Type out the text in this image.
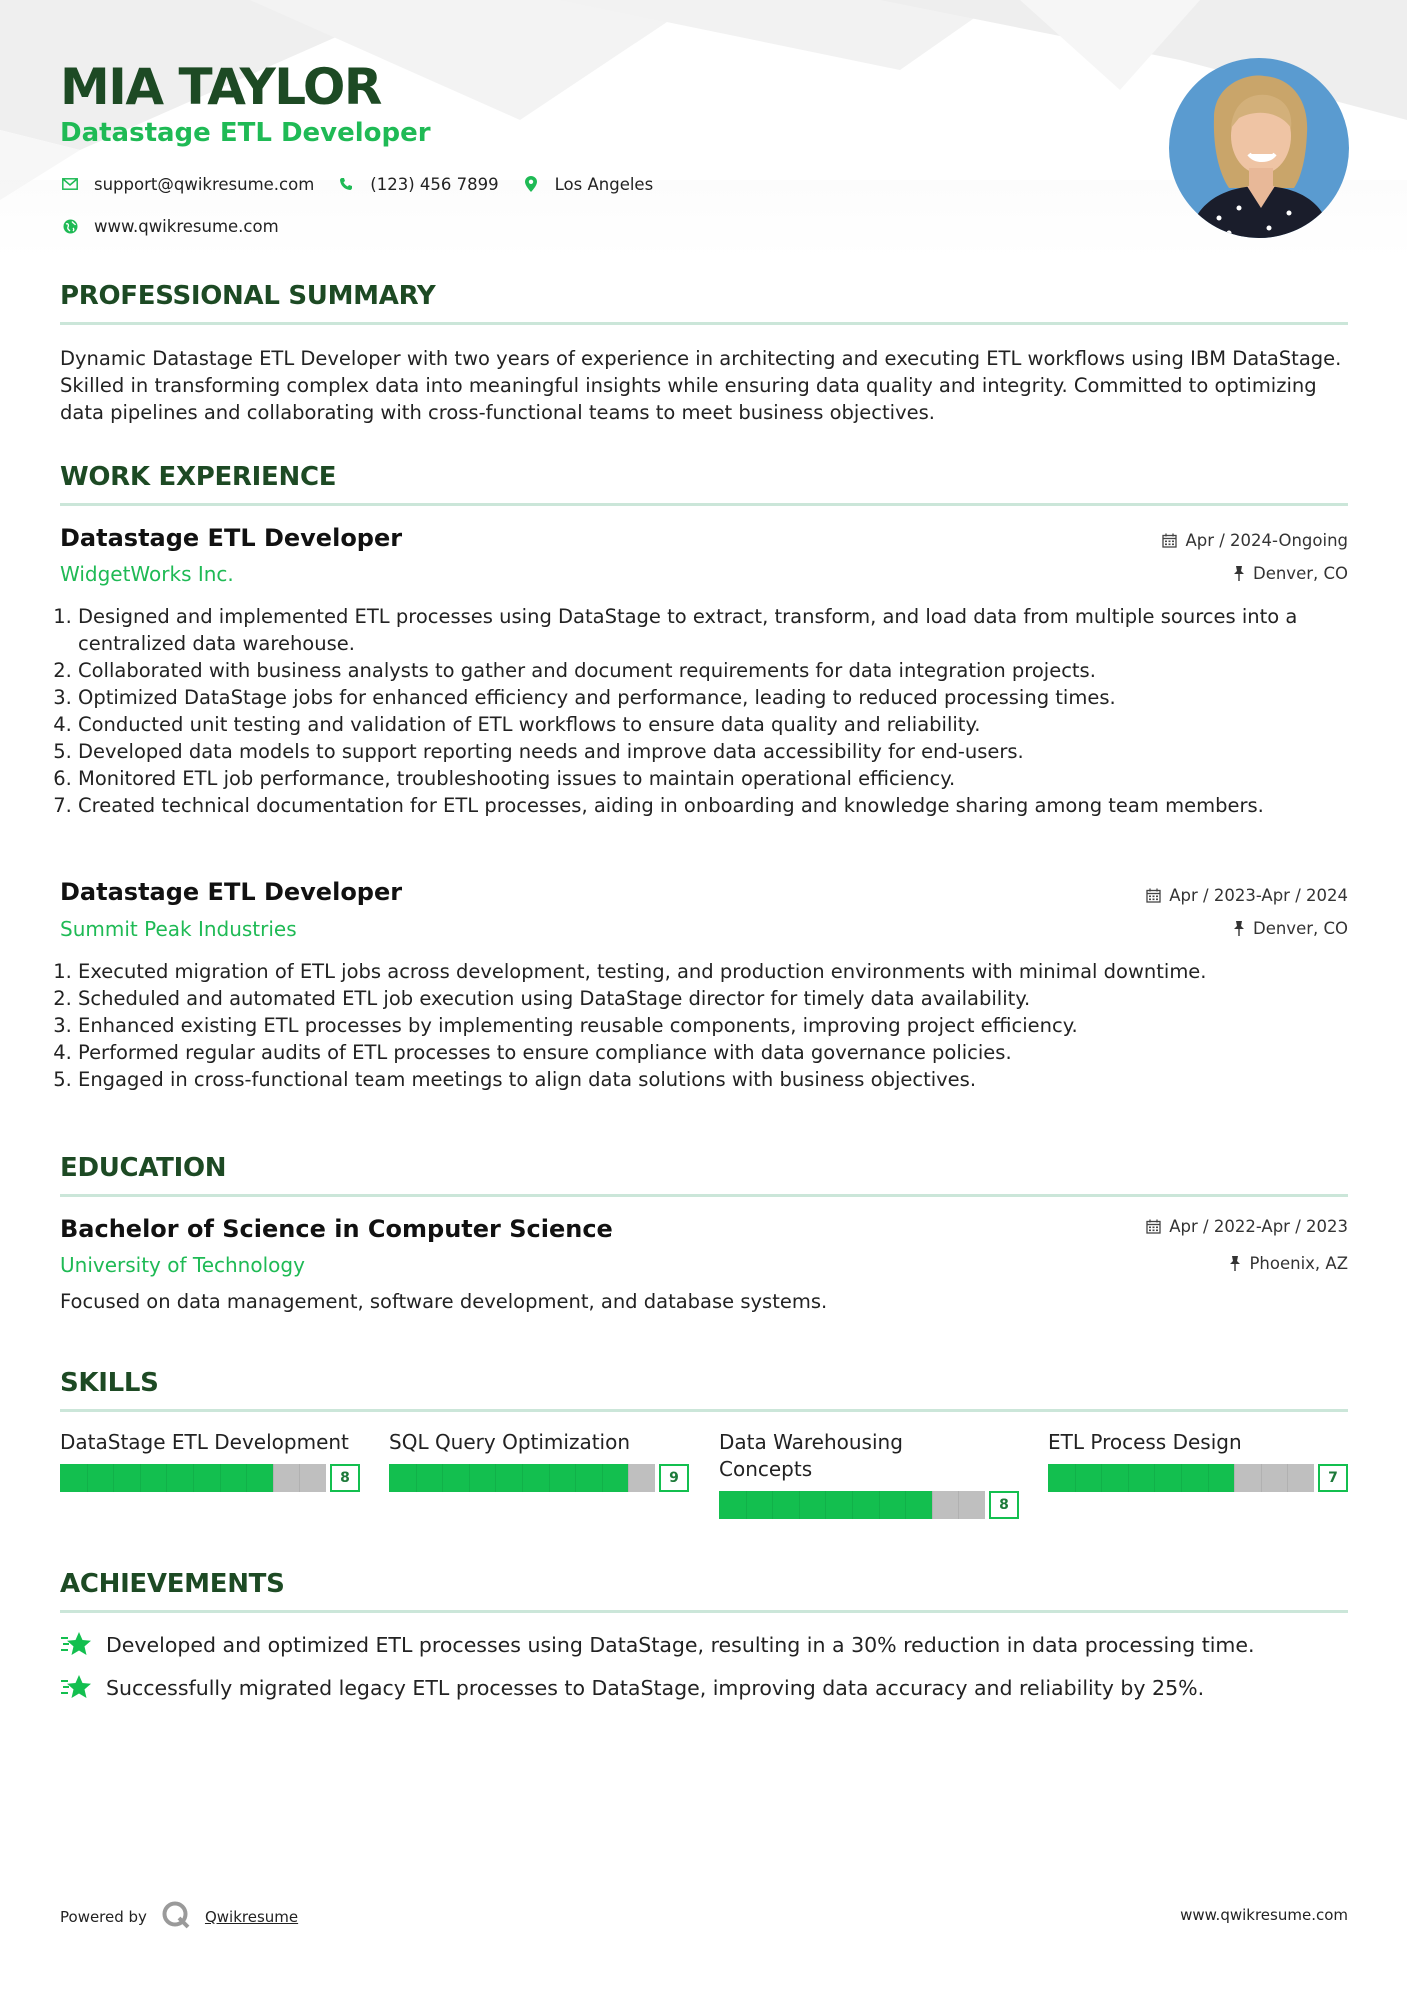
MIA TAYLOR
Datastage ETL Developer
support@qwikresume.com	(123) 456 7899	Los Angeles
www.qwikresume.com
PROFESSIONAL SUMMARY

Dynamic Datastage ETL Developer with two years of experience in architecting and executing ETL workflows using IBM DataStage. Skilled in transforming complex data into meaningful insights while ensuring data quality and integrity. Committed to optimizing data pipelines and collaborating with cross-functional teams to meet business objectives.

WORK EXPERIENCE
Datastage ETL Developer	Apr / 2024-Ongoing

WidgetWorks Inc.	Denver, CO
1. Designed and implemented ETL processes using DataStage to extract, transform, and load data from multiple sources into a centralized data warehouse.
2. Collaborated with business analysts to gather and document requirements for data integration projects.
3. Optimized DataStage jobs for enhanced efficiency and performance, leading to reduced processing times.
4. Conducted unit testing and validation of ETL workflows to ensure data quality and reliability.
5. Developed data models to support reporting needs and improve data accessibility for end-users.
6. Monitored ETL job performance, troubleshooting issues to maintain operational efficiency.
7. Created technical documentation for ETL processes, aiding in onboarding and knowledge sharing among team members.
Datastage ETL Developer	Apr / 2023-Apr / 2024

Summit Peak Industries	Denver, CO
1. Executed migration of ETL jobs across development, testing, and production environments with minimal downtime.
2. Scheduled and automated ETL job execution using DataStage director for timely data availability.
3. Enhanced existing ETL processes by implementing reusable components, improving project efficiency.
4. Performed regular audits of ETL processes to ensure compliance with data governance policies.
5. Engaged in cross-functional team meetings to align data solutions with business objectives.
EDUCATION
Bachelor of Science in Computer Science	Apr / 2022-Apr / 2023

University of Technology	Phoenix, AZ

Focused on data management, software development, and database systems.

SKILLS

DataStage ETL Development

8

SQL Query Optimization

9

Data Warehousing Concepts

8

ETL Process Design

7
ACHIEVEMENTS
Developed and optimized ETL processes using DataStage, resulting in a 30% reduction in data processing time.
Successfully migrated legacy ETL processes to DataStage, improving data accuracy and reliability by 25%.
Powered by	Qwikresume	www.qwikresume.com
